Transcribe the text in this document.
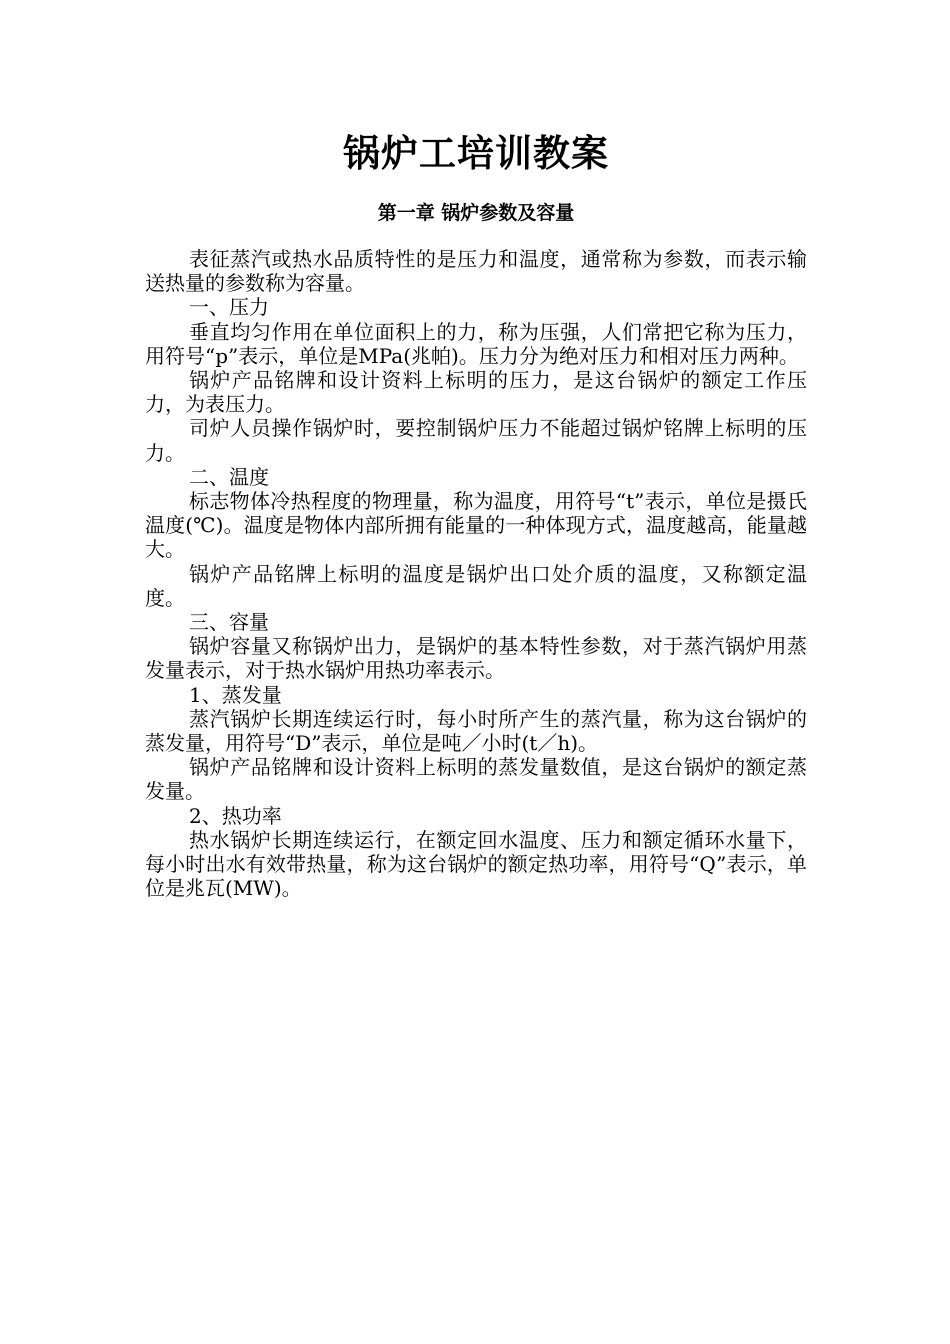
锅炉工培训教案
第一章 锅炉参数及容量

表征蒸汽或热水品质特性的是压力和温度，通常称为参数，而表示输送热量的参数称为容量。

一、压力

垂直均匀作用在单位面积上的力，称为压强，人们常把它称为压力，用符号“p”表示，单位是MPa(兆帕)。压力分为绝对压力和相对压力两种。

锅炉产品铭牌和设计资料上标明的压力，是这台锅炉的额定工作压力，为表压力。

司炉人员操作锅炉时，要控制锅炉压力不能超过锅炉铭牌上标明的压力。

二、温度

标志物体冷热程度的物理量，称为温度，用符号“t”表示，单位是摄氏温度(℃)。温度是物体内部所拥有能量的一种体现方式，温度越高，能量越大。

锅炉产品铭牌上标明的温度是锅炉出口处介质的温度，又称额定温度。

三、容量

锅炉容量又称锅炉出力，是锅炉的基本特性参数，对于蒸汽锅炉用蒸发量表示，对于热水锅炉用热功率表示。

1、蒸发量

蒸汽锅炉长期连续运行时，每小时所产生的蒸汽量，称为这台锅炉的蒸发量，用符号“D”表示，单位是吨／小时(t／h)。

锅炉产品铭牌和设计资料上标明的蒸发量数值，是这台锅炉的额定蒸发量。

2、热功率

热水锅炉长期连续运行，在额定回水温度、压力和额定循环水量下，每小时出水有效带热量，称为这台锅炉的额定热功率，用符号“Q”表示，单位是兆瓦(MW)。
